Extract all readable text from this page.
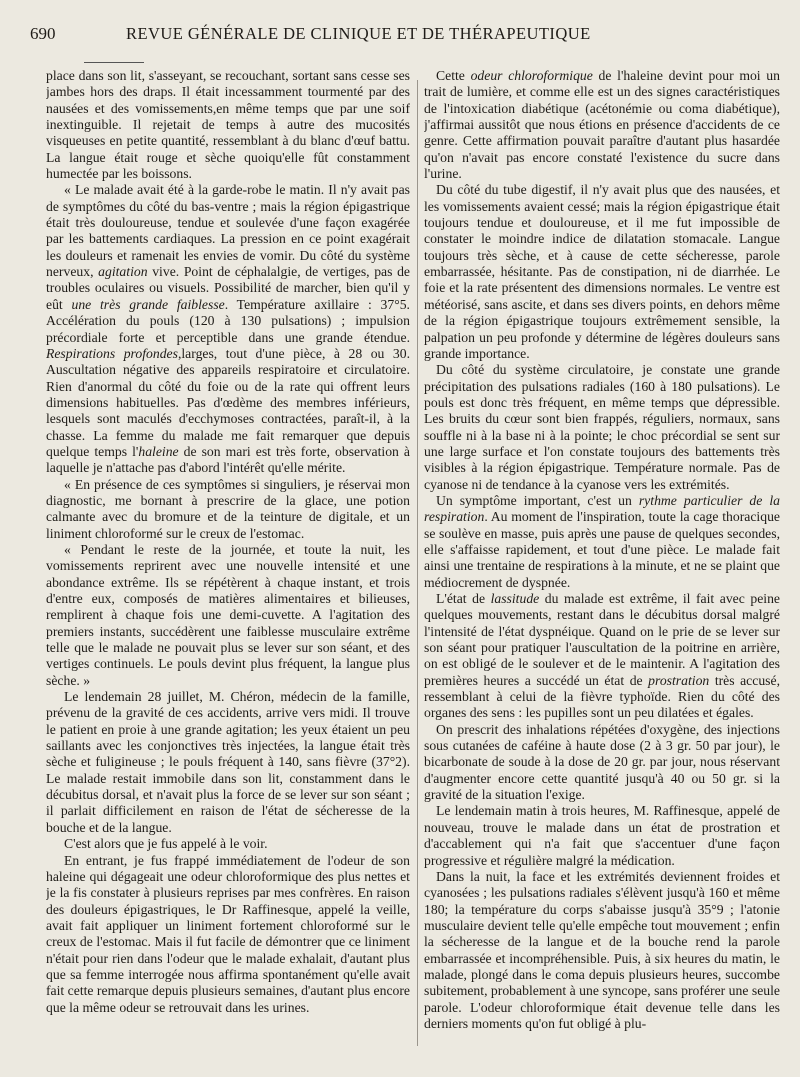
690	REVUE GÉNÉRALE DE CLINIQUE ET DE THÉRAPEUTIQUE

place dans son lit, s'asseyant, se recouchant, sortant sans cesse ses jambes hors des draps. Il était incessamment tourmenté par des nausées et des vomissements,en même temps que par une soif inextinguible. Il rejetait de temps à autre des mucosités visqueuses en petite quantité, ressemblant à du blanc d'œuf battu. La langue était rouge et sèche quoiqu'elle fût constamment humectée par les boissons.

« Le malade avait été à la garde-robe le matin. Il n'y avait pas de symptômes du côté du bas-ventre ; mais la région épigastrique était très douloureuse, tendue et soulevée d'une façon exagérée par les battements cardiaques. La pression en ce point exagérait les douleurs et ramenait les envies de vomir. Du côté du système nerveux, agitation vive. Point de céphalalgie, de vertiges, pas de troubles oculaires ou visuels. Possibilité de marcher, bien qu'il y eût une très grande faiblesse. Température axillaire : 37°5. Accélération du pouls (120 à 130 pulsations) ; impulsion précordiale forte et perceptible dans une grande étendue. Respirations profondes,larges, tout d'une pièce, à 28 ou 30. Auscultation négative des appareils respiratoire et circulatoire. Rien d'anormal du côté du foie ou de la rate qui offrent leurs dimensions habituelles. Pas d'œdème des membres inférieurs, lesquels sont maculés d'ecchymoses contractées, paraît-il, à la chasse. La femme du malade me fait remarquer que depuis quelque temps l'haleine de son mari est très forte, observation à laquelle je n'attache pas d'abord l'intérêt qu'elle mérite.

« En présence de ces symptômes si singuliers, je réservai mon diagnostic, me bornant à prescrire de la glace, une potion calmante avec du bromure et de la teinture de digitale, et un liniment chloroformé sur le creux de l'estomac.

« Pendant le reste de la journée, et toute la nuit, les vomissements reprirent avec une nouvelle intensité et une abondance extrême. Ils se répétèrent à chaque instant, et trois d'entre eux, composés de matières alimentaires et bilieuses, remplirent à chaque fois une demi-cuvette. A l'agitation des premiers instants, succédèrent une faiblesse musculaire extrême telle que le malade ne pouvait plus se lever sur son séant, et des vertiges continuels. Le pouls devint plus fréquent, la langue plus sèche. »

Le lendemain 28 juillet, M. Chéron, médecin de la famille, prévenu de la gravité de ces accidents, arrive vers midi. Il trouve le patient en proie à une grande agitation; les yeux étaient un peu saillants avec les conjonctives très injectées, la langue était très sèche et fuligineuse ; le pouls fréquent à 140, sans fièvre (37°2). Le malade restait immobile dans son lit, constamment dans le décubitus dorsal, et n'avait plus la force de se lever sur son séant ; il parlait difficilement en raison de l'état de sécheresse de la bouche et de la langue.

C'est alors que je fus appelé à le voir.

En entrant, je fus frappé immédiatement de l'odeur de son haleine qui dégageait une odeur chloroformique des plus nettes et je la fis constater à plusieurs reprises par mes confrères. En raison des douleurs épigastriques, le Dr Raffinesque, appelé la veille, avait fait appliquer un liniment fortement chloroformé sur le creux de l'estomac. Mais il fut facile de démontrer que ce liniment n'était pour rien dans l'odeur que le malade exhalait, d'autant plus que sa femme interrogée nous affirma spontanément qu'elle avait fait cette remarque depuis plusieurs semaines, d'autant plus encore que la même odeur se retrouvait dans les urines.

Cette odeur chloroformique de l'haleine devint pour moi un trait de lumière, et comme elle est un des signes caractéristiques de l'intoxication diabétique (acétonémie ou coma diabétique), j'affirmai aussitôt que nous étions en présence d'accidents de ce genre. Cette affirmation pouvait paraître d'autant plus hasardée qu'on n'avait pas encore constaté l'existence du sucre dans l'urine.

Du côté du tube digestif, il n'y avait plus que des nausées, et les vomissements avaient cessé; mais la région épigastrique était toujours tendue et douloureuse, et il me fut impossible de constater le moindre indice de dilatation stomacale. Langue toujours très sèche, et à cause de cette sécheresse, parole embarrassée, hésitante. Pas de constipation, ni de diarrhée. Le foie et la rate présentent des dimensions normales. Le ventre est météorisé, sans ascite, et dans ses divers points, en dehors même de la région épigastrique toujours extrêmement sensible, la palpation un peu profonde y détermine de légères douleurs sans grande importance.

Du côté du système circulatoire, je constate une grande précipitation des pulsations radiales (160 à 180 pulsations). Le pouls est donc très fréquent, en même temps que dépressible. Les bruits du cœur sont bien frappés, réguliers, normaux, sans souffle ni à la base ni à la pointe; le choc précordial se sent sur une large surface et l'on constate toujours des battements très visibles à la région épigastrique. Température normale. Pas de cyanose ni de tendance à la cyanose vers les extrémités.

Un symptôme important, c'est un rythme particulier de la respiration. Au moment de l'inspiration, toute la cage thoracique se soulève en masse, puis après une pause de quelques secondes, elle s'affaisse rapidement, et tout d'une pièce. Le malade fait ainsi une trentaine de respirations à la minute, et ne se plaint que médiocrement de dyspnée.

L'état de lassitude du malade est extrême, il fait avec peine quelques mouvements, restant dans le décubitus dorsal malgré l'intensité de l'état dyspnéique. Quand on le prie de se lever sur son séant pour pratiquer l'auscultation de la poitrine en arrière, on est obligé de le soulever et de le maintenir. A l'agitation des premières heures a succédé un état de prostration très accusé, ressemblant à celui de la fièvre typhoïde. Rien du côté des organes des sens : les pupilles sont un peu dilatées et égales.

On prescrit des inhalations répétées d'oxygène, des injections sous cutanées de caféine à haute dose (2 à 3 gr. 50 par jour), le bicarbonate de soude à la dose de 20 gr. par jour, nous réservant d'augmenter encore cette quantité jusqu'à 40 ou 50 gr. si la gravité de la situation l'exige.

Le lendemain matin à trois heures, M. Raffinesque, appelé de nouveau, trouve le malade dans un état de prostration et d'accablement qui n'a fait que s'accentuer d'une façon progressive et régulière malgré la médication.

Dans la nuit, la face et les extrémités deviennent froides et cyanosées ; les pulsations radiales s'élèvent jusqu'à 160 et même 180; la température du corps s'abaisse jusqu'à 35°9 ; l'atonie musculaire devient telle qu'elle empêche tout mouvement ; enfin la sécheresse de la langue et de la bouche rend la parole embarrassée et incompréhensible. Puis, à six heures du matin, le malade, plongé dans le coma depuis plusieurs heures, succombe subitement, probablement à une syncope, sans proférer une seule parole. L'odeur chloroformique était devenue telle dans les derniers moments qu'on fut obligé à plu-
